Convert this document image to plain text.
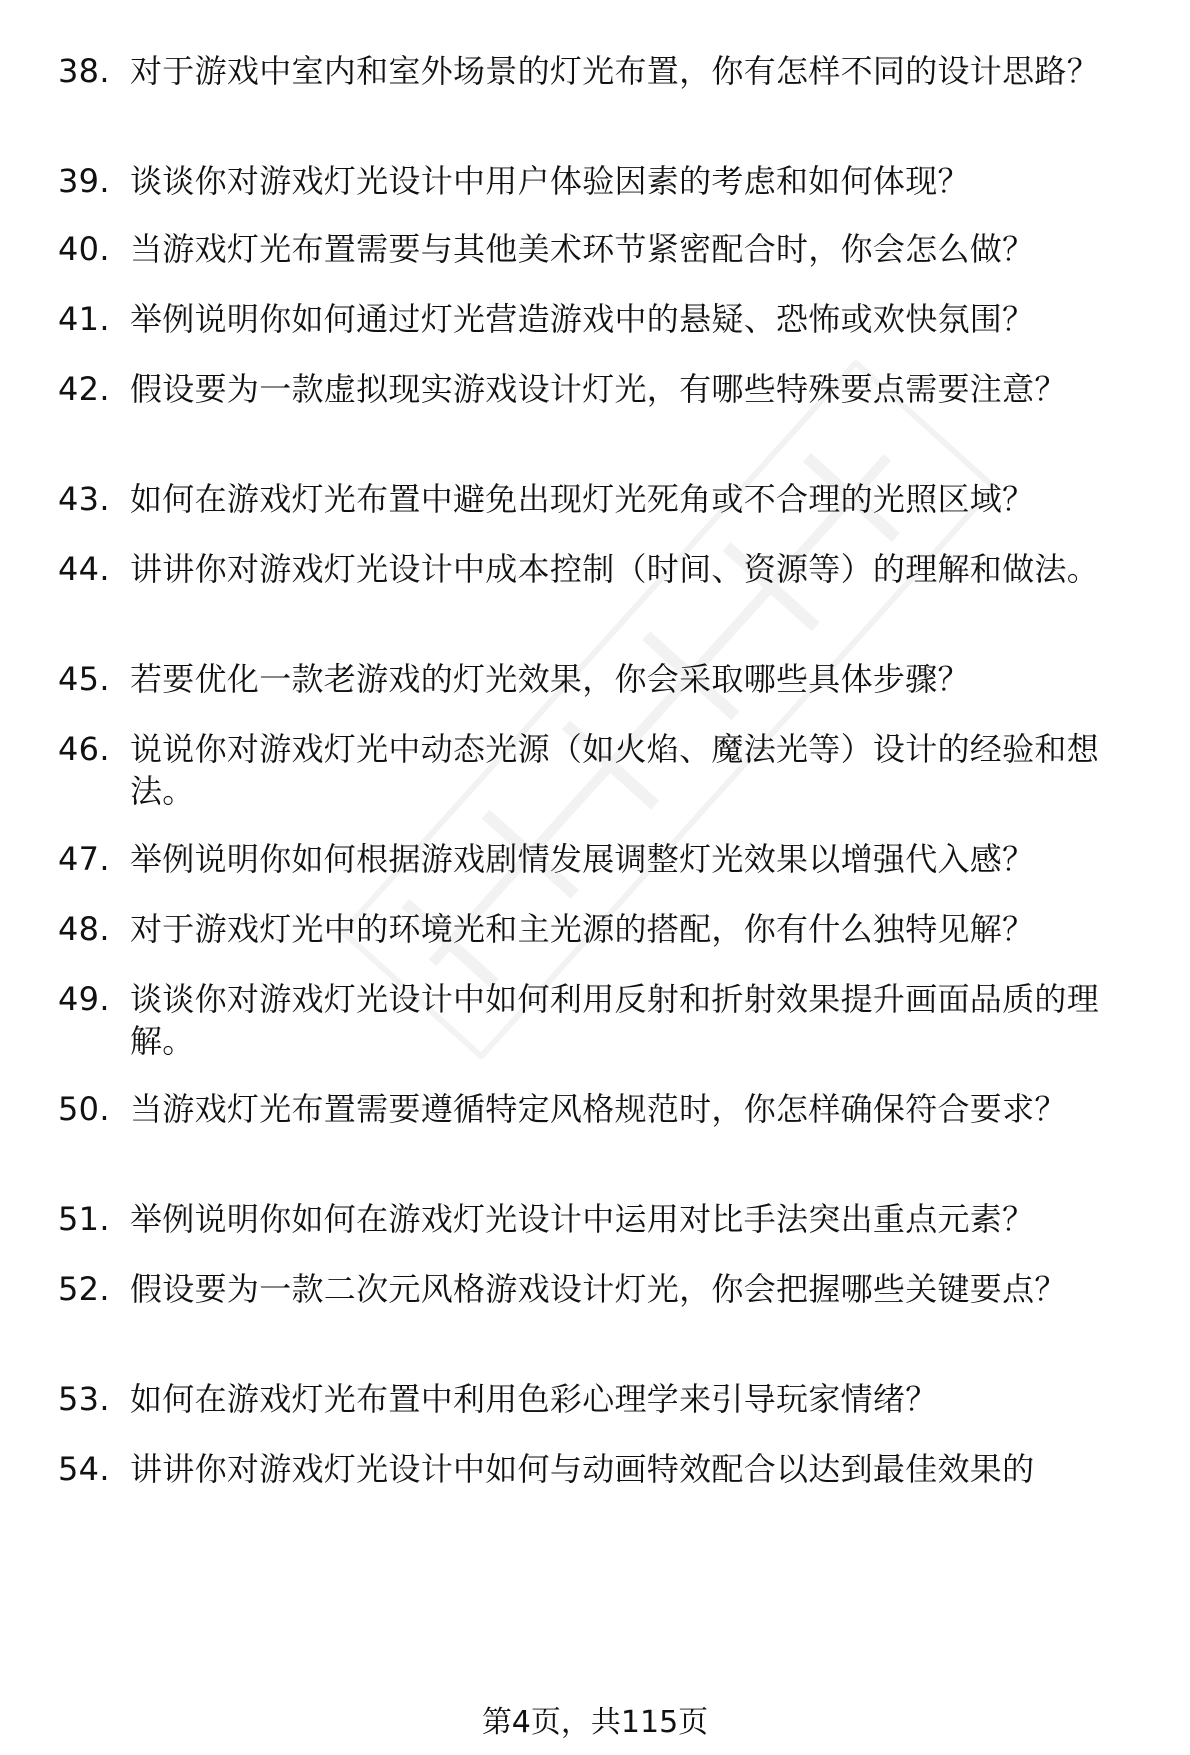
38. 对于游戏中室内和室外场景的灯光布置，你有怎样不同的设计思路？
39. 谈谈你对游戏灯光设计中用户体验因素的考虑和如何体现？
40. 当游戏灯光布置需要与其他美术环节紧密配合时，你会怎么做？
41. 举例说明你如何通过灯光营造游戏中的悬疑、恐怖或欢快氛围？
42. 假设要为一款虚拟现实游戏设计灯光，有哪些特殊要点需要注意？
43. 如何在游戏灯光布置中避免出现灯光死角或不合理的光照区域？
44. 讲讲你对游戏灯光设计中成本控制（时间、资源等）的理解和做法。
45. 若要优化一款老游戏的灯光效果，你会采取哪些具体步骤？
46. 说说你对游戏灯光中动态光源（如火焰、魔法光等）设计的经验和想法。
47. 举例说明你如何根据游戏剧情发展调整灯光效果以增强代入感？
48. 对于游戏灯光中的环境光和主光源的搭配，你有什么独特见解？
49. 谈谈你对游戏灯光设计中如何利用反射和折射效果提升画面品质的理解。
50. 当游戏灯光布置需要遵循特定风格规范时，你怎样确保符合要求？
51. 举例说明你如何在游戏灯光设计中运用对比手法突出重点元素？
52. 假设要为一款二次元风格游戏设计灯光，你会把握哪些关键要点？
53. 如何在游戏灯光布置中利用色彩心理学来引导玩家情绪？
54. 讲讲你对游戏灯光设计中如何与动画特效配合以达到最佳效果的
第4页，共115页
